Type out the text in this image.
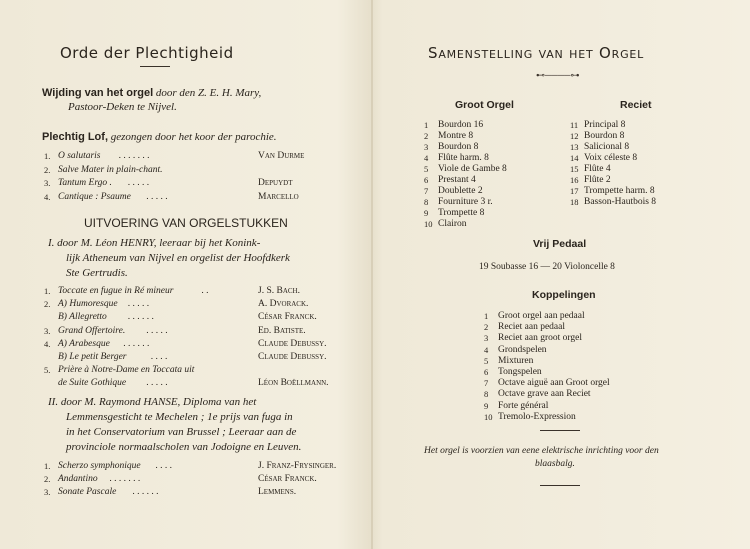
Orde der Plechtigheid
Wijding van het orgel door den Z. E. H. Mary,
Pastoor-Deken te Nijvel.
Plechtig Lof, gezongen door het koor der parochie.
UITVOERING VAN ORGELSTUKKEN
Samenstelling van het Orgel
⊷────⊶
Groot Orgel	Reciet
Vrij Pedaal
19 Soubasse 16 — 20 Violoncelle 8
Koppelingen
Het orgel is voorzien van eene elektrische inrichting voor den
blaasbalg.
1. O salutaris . . . . . . .	Van Durme
2. Salve Mater in plain-chant.
3. Tantum Ergo . . . . . .	Depuydt
4. Cantique : Psaume . . . . .	Marcello
I. door M. Léon HENRY, leeraar bij het Konink-
lijk Atheneum van Nijvel en orgelist der Hoofdkerk
Ste Gertrudis.
1. Toccate en fugue in Ré mineur	. .	J. S. Bach.
2. A) Humoresque . . . . .	A. Dvorack.
B) Allegretto . . . . . .	César Franck.
3. Grand Offertoire. . . . . .	Ed. Batiste.
4. A) Arabesque . . . . . .	Claude Debussy.
B) Le petit Berger	. . . .	Claude Debussy.
5. Prière à Notre-Dame en Toccata uit
de Suite Gothique . . . . .	Léon Boëllmann.
II. door M. Raymond HANSE, Diploma van het
Lemmensgesticht te Mechelen ; 1e prijs van fuga in
in het Conservatorium van Brussel ; Leeraar aan de
provinciole normaalscholen van Jodoigne en Leuven.
1. Scherzo symphonique . . . .	J. Franz-Frysinger.
2. Andantino . . . . . . .	César Franck.
3. Sonate Pascale . . . . . .	Lemmens.
1 Bourdon 16
2 Montre 8
3 Bourdon 8
4 Flûte harm. 8
5 Viole de Gambe 8
6 Prestant 4
7 Doublette 2
8 Fourniture 3 r.
9 Trompette 8
10 Clairon
11 Principal 8
12 Bourdon 8
13 Salicional 8
14 Voix céleste 8
15 Flûte 4
16 Flûte 2
17 Trompette harm. 8
18 Basson-Hautbois 8
1 Groot orgel aan pedaal
2 Reciet aan pedaal
3 Reciet aan groot orgel
4 Grondspelen
5 Mixturen
6 Tongspelen
7 Octave aiguë aan Groot orgel
8 Octave grave aan Reciet
9 Forte général
10 Tremolo-Expression
